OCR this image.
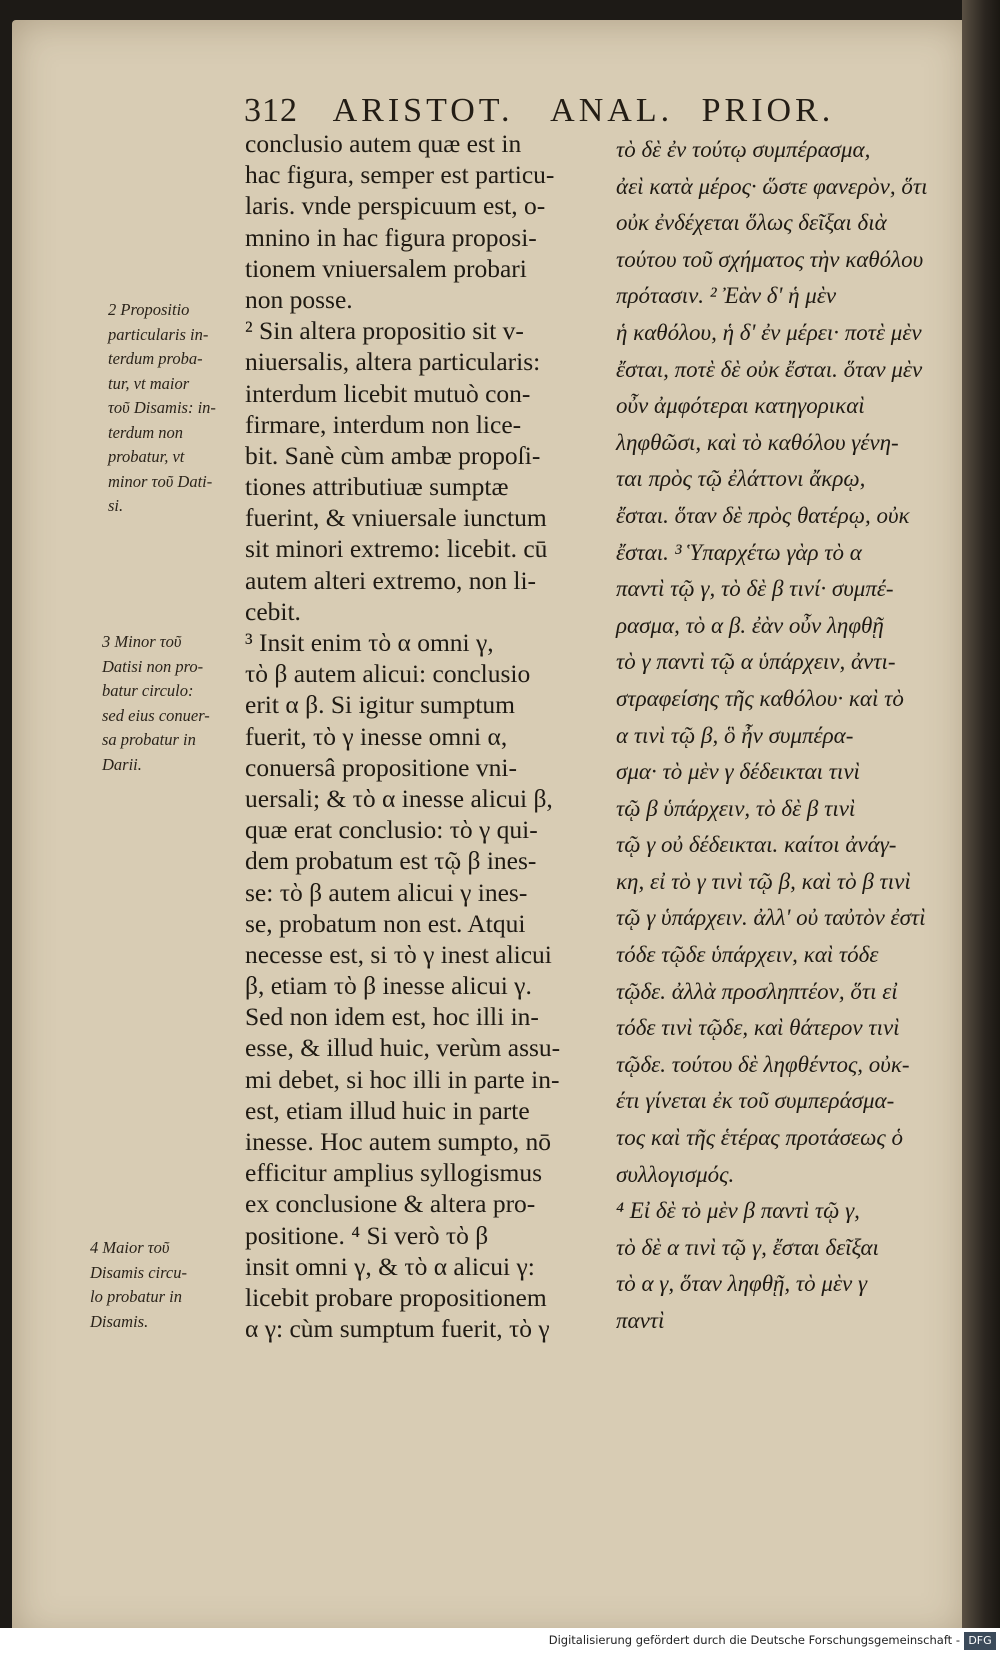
312 ARISTOT. ANAL. PRIOR.
conclusio autem quæ est in
hac figura, semper est particu-
laris. vnde perspicuum est, o-
mnino in hac figura proposi-
tionem vniuersalem probari
non posse.
² Sin altera propositio sit v-
niuersalis, altera particularis:
interdum licebit mutuò con-
firmare, interdum non lice-
bit. Sanè cùm ambæ propoſi-
tiones attributiuæ sumptæ
fuerint, & vniuersale iunctum
sit minori extremo: licebit. cū
autem alteri extremo, non li-
cebit.
³ Insit enim τὸ α omni γ,
τὸ β autem alicui: conclusio
erit α β. Si igitur sumptum
fuerit, τὸ γ inesse omni α,
conuersâ propositione vni-
uersali; & τὸ α inesse alicui β,
quæ erat conclusio: τὸ γ qui-
dem probatum est τῷ β ines-
se: τὸ β autem alicui γ ines-
se, probatum non est. Atqui
necesse est, si τὸ γ inest alicui
β, etiam τὸ β inesse alicui γ.
Sed non idem est, hoc illi in-
esse, & illud huic, verùm assu-
mi debet, si hoc illi in parte in-
est, etiam illud huic in parte
inesse. Hoc autem sumpto, nō
efficitur amplius syllogismus
ex conclusione & altera pro-
positione. ⁴ Si verò τὸ β
insit omni γ, & τὸ α alicui γ:
licebit probare propositionem
α γ: cùm sumptum fuerit, τὸ γ
τὸ δὲ ἐν τούτῳ συμπέρασμα,
ἀεὶ κατὰ μέρος· ὥστε φανερὸν, ὅτι
οὐκ ἐνδέχεται ὅλως δεῖξαι διὰ
τούτου τοῦ σχήματος τὴν καθόλου
πρότασιν. ² Ἐὰν δ' ἡ μὲν
ἡ καθόλου, ἡ δ' ἐν μέρει· ποτὲ μὲν
ἔσται, ποτὲ δὲ οὐκ ἔσται. ὅταν μὲν
οὖν ἀμφότεραι κατηγορικαὶ
ληφθῶσι, καὶ τὸ καθόλου γένη-
ται πρὸς τῷ ἐλάττονι ἄκρῳ,
ἔσται. ὅταν δὲ πρὸς θατέρῳ, οὐκ
ἔσται. ³ Ὑπαρχέτω γὰρ τὸ α
παντὶ τῷ γ, τὸ δὲ β τινί· συμπέ-
ρασμα, τὸ α β. ἐὰν οὖν ληφθῇ
τὸ γ παντὶ τῷ α ὑπάρχειν, ἀντι-
στραφείσης τῆς καθόλου· καὶ τὸ
α τινὶ τῷ β, ὃ ἦν συμπέρα-
σμα· τὸ μὲν γ δέδεικται τινὶ
τῷ β ὑπάρχειν, τὸ δὲ β τινὶ
τῷ γ οὐ δέδεικται. καίτοι ἀνάγ-
κη, εἰ τὸ γ τινὶ τῷ β, καὶ τὸ β τινὶ
τῷ γ ὑπάρχειν. ἀλλ' οὐ ταὐτὸν ἐστὶ
τόδε τῷδε ὑπάρχειν, καὶ τόδε
τῷδε. ἀλλὰ προσληπτέον, ὅτι εἰ
τόδε τινὶ τῷδε, καὶ θάτερον τινὶ
τῷδε. τούτου δὲ ληφθέντος, οὐκ-
έτι γίνεται ἐκ τοῦ συμπεράσμα-
τος καὶ τῆς ἑτέρας προτάσεως ὁ
συλλογισμός.
⁴ Εἰ δὲ τὸ μὲν β παντὶ τῷ γ,
τὸ δὲ α τινὶ τῷ γ, ἔσται δεῖξαι
τὸ α γ, ὅταν ληφθῇ, τὸ μὲν γ
παντὶ
2 Propositio
particularis in-
terdum proba-
tur, vt maior
τοῦ Disamis: in-
terdum non
probatur, vt
minor τοῦ Dati-
si.
3 Minor τοῦ
Datisi non pro-
batur circulo:
sed eius conuer-
sa probatur in
Darii.
4 Maior τοῦ
Disamis circu-
lo probatur in
Disamis.
Digitalisierung gefördert durch die Deutsche Forschungsgemeinschaft - DFG
